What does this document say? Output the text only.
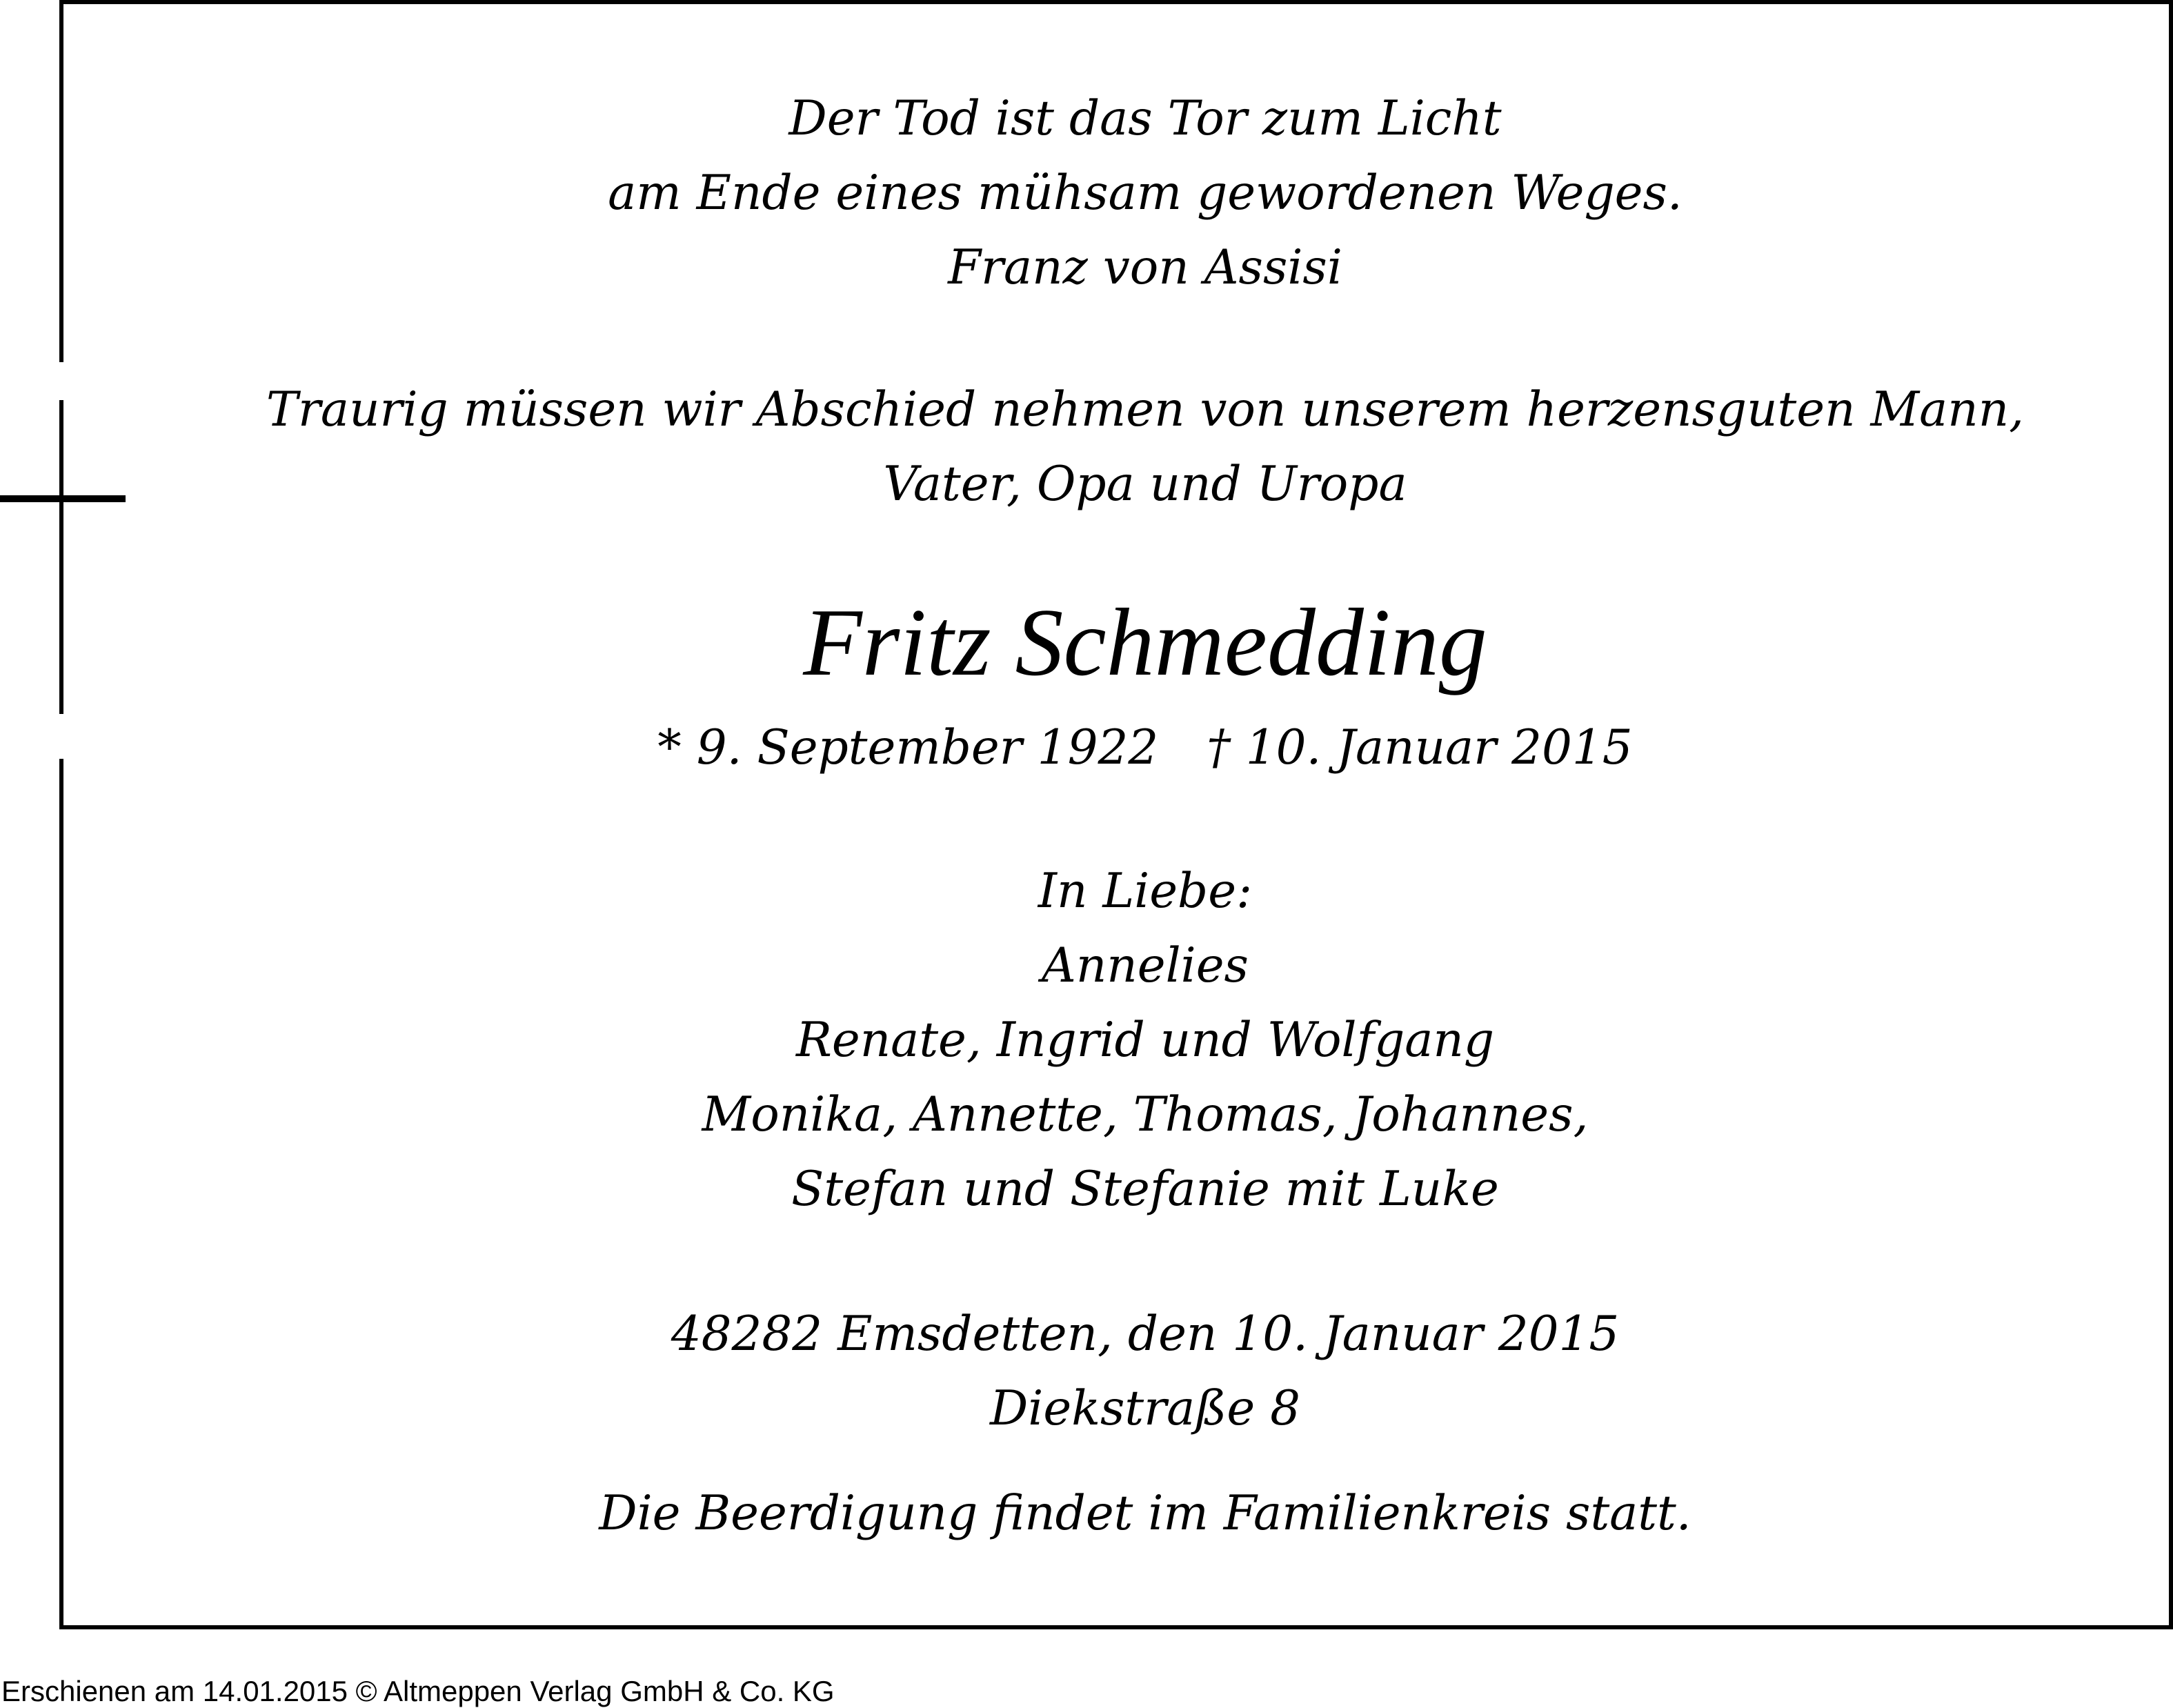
Der Tod ist das Tor zum Licht
am Ende eines mühsam gewordenen Weges.
Franz von Assisi
Traurig müssen wir Abschied nehmen von unserem herzensguten Mann,
Vater, Opa und Uropa
Fritz Schmedding
* 9. September 1922 † 10. Januar 2015
In Liebe:
Annelies
Renate, Ingrid und Wolfgang
Monika, Annette, Thomas, Johannes,
Stefan und Stefanie mit Luke
48282 Emsdetten, den 10. Januar 2015
Diekstraße 8
Die Beerdigung findet im Familienkreis statt.
Erschienen am 14.01.2015 © Altmeppen Verlag GmbH & Co. KG
